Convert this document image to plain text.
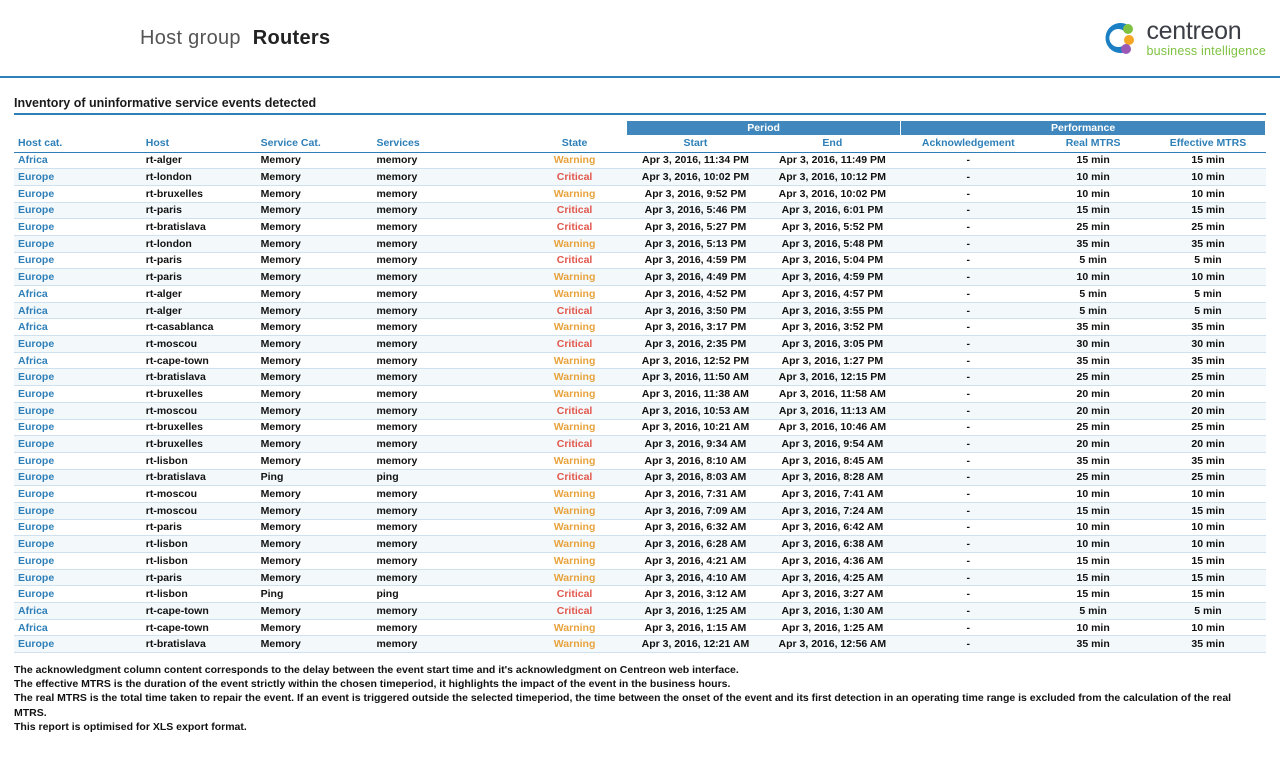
Host group Routers	centreon
business intelligence
Inventory of uninformative service events detected
					Period		Performance		
Host cat.	Host	Service Cat.	Services	State	Start	End	Acknowledgement	Real MTRS	Effective MTRS
Africa	rt-alger	Memory	memory	Warning	Apr 3, 2016, 11:34 PM	Apr 3, 2016, 11:49 PM	-	15 min	15 min
Europe	rt-london	Memory	memory	Critical	Apr 3, 2016, 10:02 PM	Apr 3, 2016, 10:12 PM	-	10 min	10 min
Europe	rt-bruxelles	Memory	memory	Warning	Apr 3, 2016, 9:52 PM	Apr 3, 2016, 10:02 PM	-	10 min	10 min
Europe	rt-paris	Memory	memory	Critical	Apr 3, 2016, 5:46 PM	Apr 3, 2016, 6:01 PM	-	15 min	15 min
Europe	rt-bratislava	Memory	memory	Critical	Apr 3, 2016, 5:27 PM	Apr 3, 2016, 5:52 PM	-	25 min	25 min
Europe	rt-london	Memory	memory	Warning	Apr 3, 2016, 5:13 PM	Apr 3, 2016, 5:48 PM	-	35 min	35 min
Europe	rt-paris	Memory	memory	Critical	Apr 3, 2016, 4:59 PM	Apr 3, 2016, 5:04 PM	-	5 min	5 min
Europe	rt-paris	Memory	memory	Warning	Apr 3, 2016, 4:49 PM	Apr 3, 2016, 4:59 PM	-	10 min	10 min
Africa	rt-alger	Memory	memory	Warning	Apr 3, 2016, 4:52 PM	Apr 3, 2016, 4:57 PM	-	5 min	5 min
Africa	rt-alger	Memory	memory	Critical	Apr 3, 2016, 3:50 PM	Apr 3, 2016, 3:55 PM	-	5 min	5 min
Africa	rt-casablanca	Memory	memory	Warning	Apr 3, 2016, 3:17 PM	Apr 3, 2016, 3:52 PM	-	35 min	35 min
Europe	rt-moscou	Memory	memory	Critical	Apr 3, 2016, 2:35 PM	Apr 3, 2016, 3:05 PM	-	30 min	30 min
Africa	rt-cape-town	Memory	memory	Warning	Apr 3, 2016, 12:52 PM	Apr 3, 2016, 1:27 PM	-	35 min	35 min
Europe	rt-bratislava	Memory	memory	Warning	Apr 3, 2016, 11:50 AM	Apr 3, 2016, 12:15 PM	-	25 min	25 min
Europe	rt-bruxelles	Memory	memory	Warning	Apr 3, 2016, 11:38 AM	Apr 3, 2016, 11:58 AM	-	20 min	20 min
Europe	rt-moscou	Memory	memory	Critical	Apr 3, 2016, 10:53 AM	Apr 3, 2016, 11:13 AM	-	20 min	20 min
Europe	rt-bruxelles	Memory	memory	Warning	Apr 3, 2016, 10:21 AM	Apr 3, 2016, 10:46 AM	-	25 min	25 min
Europe	rt-bruxelles	Memory	memory	Critical	Apr 3, 2016, 9:34 AM	Apr 3, 2016, 9:54 AM	-	20 min	20 min
Europe	rt-lisbon	Memory	memory	Warning	Apr 3, 2016, 8:10 AM	Apr 3, 2016, 8:45 AM	-	35 min	35 min
Europe	rt-bratislava	Ping	ping	Critical	Apr 3, 2016, 8:03 AM	Apr 3, 2016, 8:28 AM	-	25 min	25 min
Europe	rt-moscou	Memory	memory	Warning	Apr 3, 2016, 7:31 AM	Apr 3, 2016, 7:41 AM	-	10 min	10 min
Europe	rt-moscou	Memory	memory	Warning	Apr 3, 2016, 7:09 AM	Apr 3, 2016, 7:24 AM	-	15 min	15 min
Europe	rt-paris	Memory	memory	Warning	Apr 3, 2016, 6:32 AM	Apr 3, 2016, 6:42 AM	-	10 min	10 min
Europe	rt-lisbon	Memory	memory	Warning	Apr 3, 2016, 6:28 AM	Apr 3, 2016, 6:38 AM	-	10 min	10 min
Europe	rt-lisbon	Memory	memory	Warning	Apr 3, 2016, 4:21 AM	Apr 3, 2016, 4:36 AM	-	15 min	15 min
Europe	rt-paris	Memory	memory	Warning	Apr 3, 2016, 4:10 AM	Apr 3, 2016, 4:25 AM	-	15 min	15 min
Europe	rt-lisbon	Ping	ping	Critical	Apr 3, 2016, 3:12 AM	Apr 3, 2016, 3:27 AM	-	15 min	15 min
Africa	rt-cape-town	Memory	memory	Critical	Apr 3, 2016, 1:25 AM	Apr 3, 2016, 1:30 AM	-	5 min	5 min
Africa	rt-cape-town	Memory	memory	Warning	Apr 3, 2016, 1:15 AM	Apr 3, 2016, 1:25 AM	-	10 min	10 min
Europe	rt-bratislava	Memory	memory	Warning	Apr 3, 2016, 12:21 AM	Apr 3, 2016, 12:56 AM	-	35 min	35 min

The acknowledgment column content corresponds to the delay between the event start time and it's acknowledgment on Centreon web interface.

The effective MTRS is the duration of the event strictly within the chosen timeperiod, it highlights the impact of the event in the business hours.

The real MTRS is the total time taken to repair the event. If an event is triggered outside the selected timeperiod, the time between the onset of the event and its first detection in an operating time range is excluded from the calculation of the real MTRS.

This report is optimised for XLS export format.
